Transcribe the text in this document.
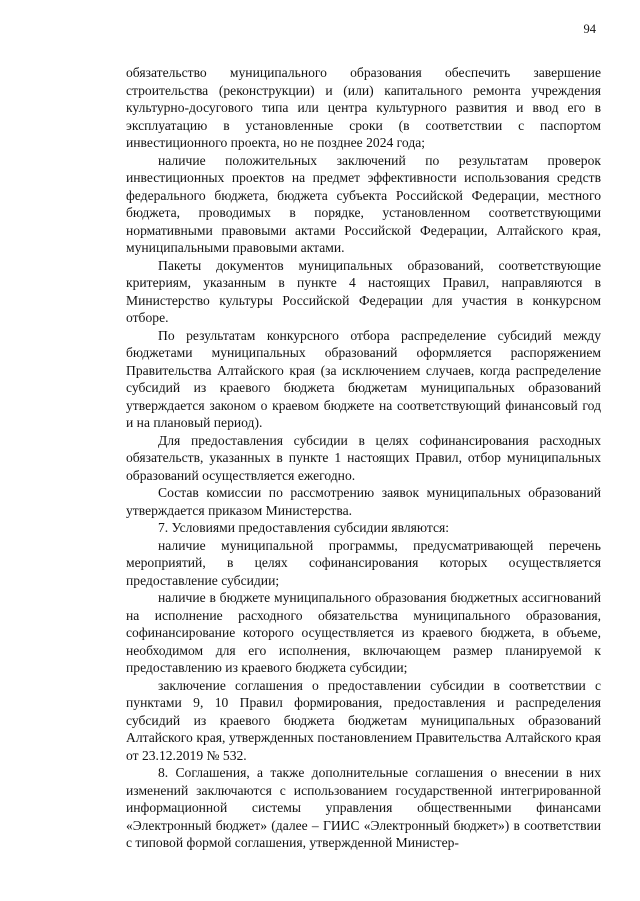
94

обязательство муниципального образования обеспечить завершение строительства (реконструкции) и (или) капитального ремонта учреждения культурно-досугового типа или центра культурного развития и ввод его в эксплуатацию в установленные сроки (в соответствии с паспортом инвестиционного проекта, но не позднее 2024 года;

наличие положительных заключений по результатам проверок инвестиционных проектов на предмет эффективности использования средств федерального бюджета, бюджета субъекта Российской Федерации, местного бюджета, проводимых в порядке, установленном соответствующими нормативными правовыми актами Российской Федерации, Алтайского края, муниципальными правовыми актами.

Пакеты документов муниципальных образований, соответствующие критериям, указанным в пункте 4 настоящих Правил, направляются в Министерство культуры Российской Федерации для участия в конкурсном отборе.

По результатам конкурсного отбора распределение субсидий между бюджетами муниципальных образований оформляется распоряжением Правительства Алтайского края (за исключением случаев, когда распределение субсидий из краевого бюджета бюджетам муниципальных образований утверждается законом о краевом бюджете на соответствующий финансовый год и на плановый период).

Для предоставления субсидии в целях софинансирования расходных обязательств, указанных в пункте 1 настоящих Правил, отбор муниципальных образований осуществляется ежегодно.

Состав комиссии по рассмотрению заявок муниципальных образований утверждается приказом Министерства.

7. Условиями предоставления субсидии являются:

наличие муниципальной программы, предусматривающей перечень мероприятий, в целях софинансирования которых осуществляется предоставление субсидии;

наличие в бюджете муниципального образования бюджетных ассигнований на исполнение расходного обязательства муниципального образования, софинансирование которого осуществляется из краевого бюджета, в объеме, необходимом для его исполнения, включающем размер планируемой к предоставлению из краевого бюджета субсидии;

заключение соглашения о предоставлении субсидии в соответствии с пунктами 9, 10 Правил формирования, предоставления и распределения субсидий из краевого бюджета бюджетам муниципальных образований Алтайского края, утвержденных постановлением Правительства Алтайского края от 23.12.2019 № 532.

8. Соглашения, а также дополнительные соглашения о внесении в них изменений заключаются с использованием государственной интегрированной информационной системы управления общественными финансами «Электронный бюджет» (далее – ГИИС «Электронный бюджет») в соответствии с типовой формой соглашения, утвержденной Министер-
